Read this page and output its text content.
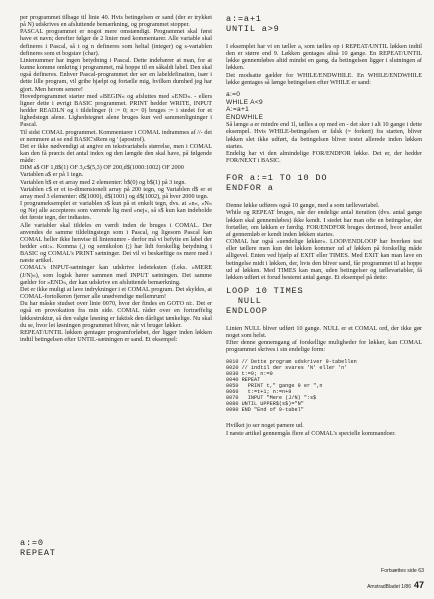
per programmet tilbage til linie 40. Hvis betingelsen er sand (der er trykket på N) udskrives en afsluttende bemærkning, og programmet stopper.

PASCAL programmet er nogot mere omstændigt. Programmet skal først have et navn; derefter følger de 2 linier med kommentarer. Alle variable skal defineres i Pascal, så t og n defineres som heltal (integer) og s-variablen defineres som et bogstav (char).

Linienummer har ingen betydning i Pascal. Dette indebærer at man, for at kunne komme omkring i programmet, må hoppe til en såkaldt label. Den skal også defineres. Enhver Pascal-programmet der ser en labeldefination, især i dette lille program, vil gribe hjælpt og fortælle mig, hvilken dumhed jeg har gjort. Men herom senere!

Hovedprogrammet starter med »BEGIN« og afsluttes med »END«. - ellers ligner dette i øvrigt BASIC programmet. PRINT hedder WRITE, INPUT hedder READLN og i tildelinger (t := 0; n:= 0) bruges := i stedet for et lighedstegn alene. Lighedstegnet alene bruges kun ved sammenligninger i Pascal.

Til sidst COMAL programmet. Kommentarer i COMAL indrammes af //- det er nemmere at se end BASIC'sRem og ' (apostrof).

Det er ikke nødvendigt at angive en tekstvariabels størrelse, men i COMAL kan den få præcis det antal index og den længde den skal have, på følgende måde:

DIM a$ OF 1,8$(1) OF 3,c$(5,3) OF 200,d$(1000:1002) OF 2000

Variablen a$ er på 1 tegn.

Variablen b$ er et array med 2 elementer: b$(0) og b$(1) på 3 tegn.

Variablen c$ er et to-dimensionelt array på 200 tegn, og Variablen d$ er et array med 3 elementer: d$(1000), d$(1001) og d$(1002), på hver 2000 tegn.

I programeksemplet er variablen s$ kun på et enkelt tegn, dvs. at »n«, »N« og Nej alle accepteres som værende lig med »nej«, så s$ kun kan indeholde det første tegn, der indtastes.

Alle variabler skal tildeles en værdi inden de bruges i COMAL. Der anvendes de samme tildelingstegn som i Pascal, og ligesom Pascal kan COMAL heller ikke henvise til linienumre - derfor må vi befytte en label der hedder »ni:«. Komma (,) og semikolon (;) har lidt forskellig betydning i BASIC og COMAL's PRINT sætninger. Det vil vi beskæftige os mere med i næste artikel.

COMAL's INPUT-sætninger kan udskrive ledeteksten (f.eks. »MERE (J/N)«), som logisk hører sammen med INPUT sætningen. Det samme gælder for »END«, der kan udskrive en afsluttende bemærkning.

Det er ikke muligt at lave indrykninger i et COMAL program. Det skyldes, at COMAL-fortolkeren fjerner alle unødvendige mellemrum!

Du har måske studset over linie 0070, hvor der findes en GOTO ni:. Det er også en provokation fra min side. COMAL råder over en fortræffelig løkkestruktur, så den valgte løsning er faktisk den dårligst tænkelige. Nu skal du se, hvor let løsningen programmet bliver, når vi bruger løkker.

REPEAT/UNTIL løkken gentager programforløbet, der ligger inden løkken indtil betingelsen efter UNTIL-sætningen er sand. Et eksempel:

a:=0

REPEAT

a:=a+1

UNTIL a>9

I eksemplet har vi en tæller a, som tælles op i REPEAT/UNTIL løkken indtil den er større end 9. Løkken gentages altså 10 gange. En REPEAT/UNTIL løkke gennemløbes altid mindst en gang, da betingelsen ligger i slutningen af løkken.

Det modsatte gælder for WHILE/ENDWHILE. En WHILE/ENDWHILE løkke gentages så længe betingelsen efter WHILE er sand:

a:=0

WHILE A<9

A:=a+1

ENDWHILE

Så længe a er mindre end 1l, tælles a op med en - det sker i alt 10 gange i dette eksempel. Hvis WHILE-betingelsen er falsk (= forkert) fra starten, bliver løkken slet ikke udført, da betingelsen bliver testet allerede inden løkken startes.

Endelig har vi den almindelige FOR/ENDFOR løkke. Det er, der hedder FOR/NEXT i BASIC.

FOR a:=1 TO 10 DO

ENDFOR a

Denne løkke udføres også 10 gange, med a som tællevariabel.

While og REPEAT bruges, når der endelige antal iteration (dvs. antal gange løkken skal gennemløbes) ikke kendt. I stedet har man ofte en betingelse, der fortæller, om løkken er færdig. FOR/ENDFOR bruges derimod, hvor antallet af gennemløb er kendt inden løkken startes.

COMAL har også »uendelige løkker«. LOOP/ENDLOOP har hverken test eller tællere men kun det løkken kommer ud af løkken på forskellig måde alligevel. Enten ved hjælp af EXIT eller TIMES. Med EXIT kan man lave en betingelse midt i løkken, der, hvis den bliver sand, får programmet til at hoppe ud af løkken. Med TIMES kan man, uden betingelser og tællevariabler, få løkken udført et forud bestemt antal gange. Et eksempel på dette:

LOOP 10 TIMES

NULL

ENDLOOP

Linien NULL bliver udført 10 gange. NULL er et COMAL ord, der ikke gør noget som helst.

Efter denne gennemgang af forskellige muligheder for løkker, kan COMAL programmet skrives i sin endelige form:

0010 // Dette program udskriver 9-tabellen

0020 // indtil der svares 'N' eller 'n'

0030 t:=0; n:=0

0040 REPEAT

0050   PRINT t," gange 9 er ",n

0060   t:=t+1; n:=n+9

0070   INPUT "Mere (J/N) ":s$

0080 UNTIL UPPER$(s$)="N"

0090 END "End of 9-tabel"

Hvilket jo ser noget pænere ud.

I næste artikel gennemgås flere af COMAL's specielle kommandoer.

Fortsættes side 63
AmstradBladet 1/86 47
